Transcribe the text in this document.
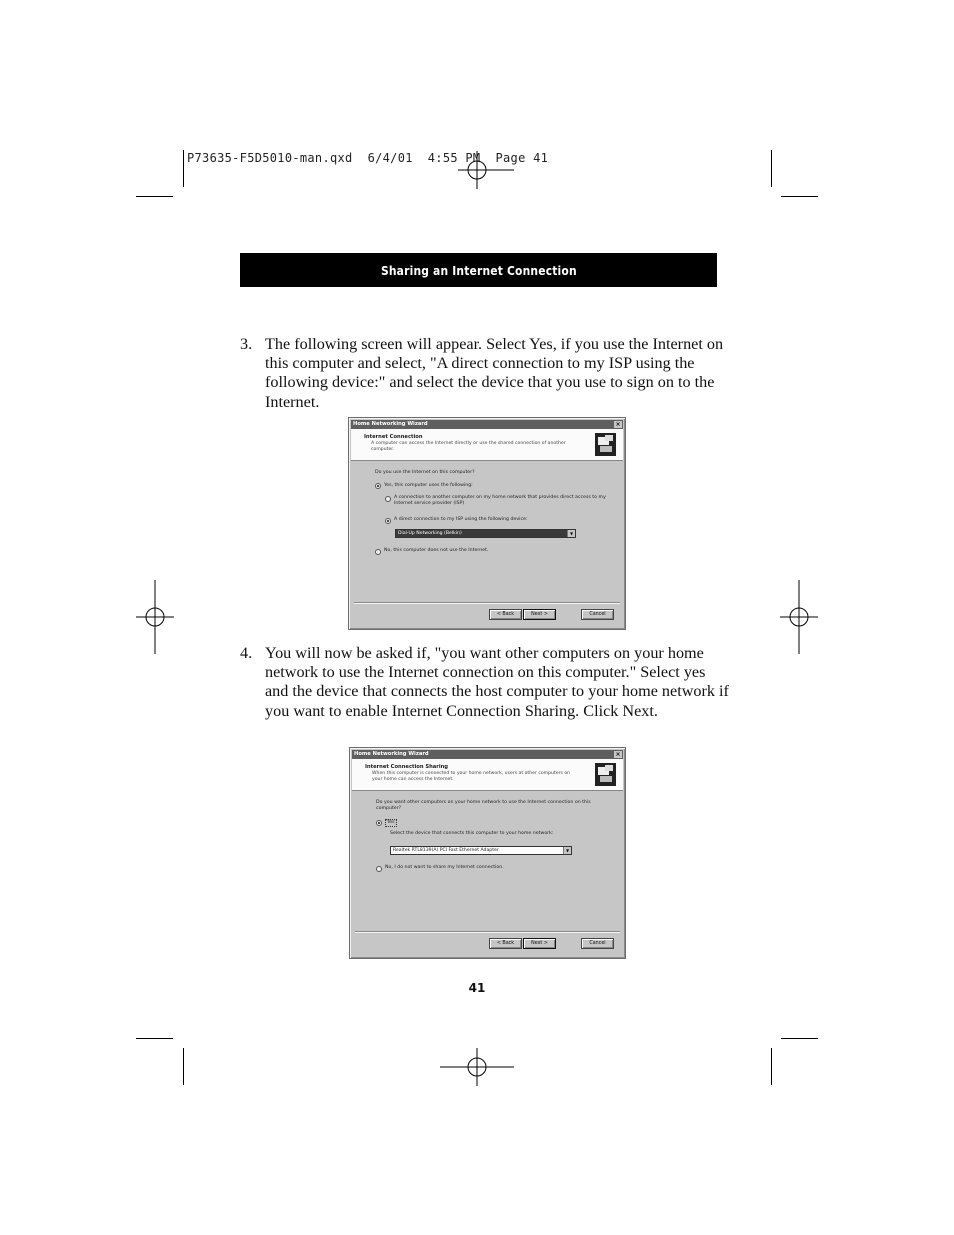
P73635-F5D5010-man.qxd  6/4/01  4:55 PM  Page 41
Sharing an Internet Connection
3. The following screen will appear. Select Yes, if you use the Internet on this computer and select, "A direct connection to my ISP using the following device:" and select the device that you use to sign on to the Internet.
Home Networking Wizard	×
Internet Connection
A computer can access the Internet directly or use the shared connection of another computer.
Do you use the Internet on this computer?
Yes, this computer uses the following:
A connection to another computer on my home network that provides direct access to my Internet service provider (ISP)
A direct connection to my ISP using the following device:
Dial-Up Networking (Belkin)	▼
No, this computer does not use the Internet.
< Back	Next >	Cancel
4. You will now be asked if, "you want other computers on your home network to use the Internet connection on this computer." Select yes and the device that connects the host computer to your home network if you want to enable Internet Connection Sharing. Click Next.
Home Networking Wizard	×
Internet Connection Sharing
When this computer is connected to your home network, users at other computers on your home can access the Internet.
Do you want other computers on your home network to use the Internet connection on this computer?
Yes
Select the device that connects this computer to your home network:
Realtek RTL8139(A) PCI Fast Ethernet Adapter	▼
No, I do not want to share my Internet connection.
< Back	Next >	Cancel
41
